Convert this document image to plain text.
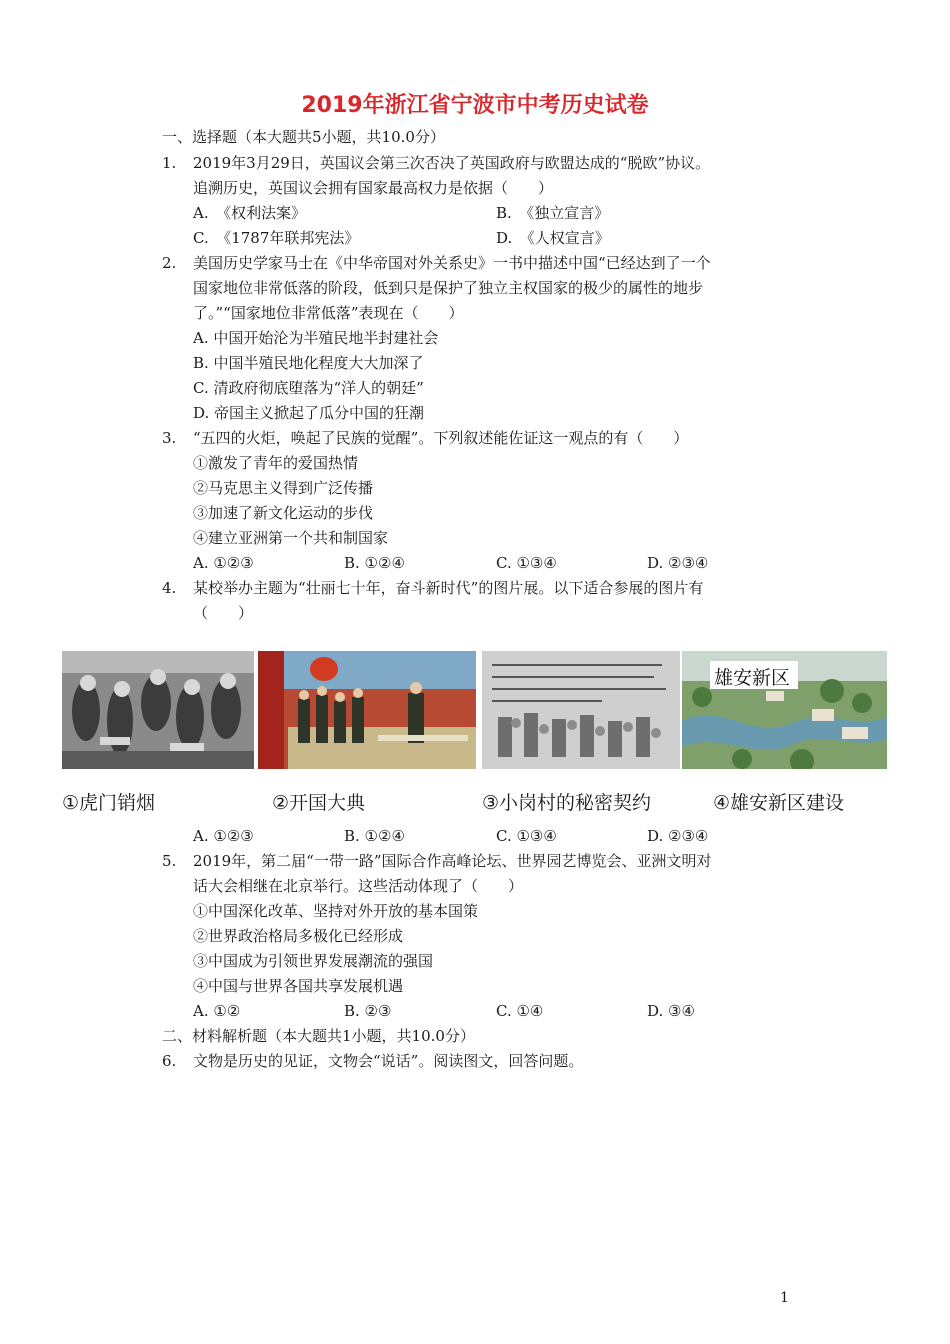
2019年浙江省宁波市中考历史试卷
一、选择题（本大题共5小题，共10.0分）
1. 2019年3月29日，英国议会第三次否决了英国政府与欧盟达成的“脱欧”协议。
追溯历史，英国议会拥有国家最高权力是依据（　　）
A.　《权利法案》	B.　《独立宣言》
C.　《1787年联邦宪法》	D.　《人权宣言》
2. 美国历史学家马士在《中华帝国对外关系史》一书中描述中国“已经达到了一个
国家地位非常低落的阶段，低到只是保护了独立主权国家的极少的属性的地步
了。”“国家地位非常低落”表现在（　　）
A. 中国开始沦为半殖民地半封建社会
B. 中国半殖民地化程度大大加深了
C. 清政府彻底堕落为“洋人的朝廷”
D. 帝国主义掀起了瓜分中国的狂潮
3. “五四的火炬，唤起了民族的觉醒”。下列叙述能佐证这一观点的有（　　）
①激发了青年的爱国热情
②马克思主义得到广泛传播
③加速了新文化运动的步伐
④建立亚洲第一个共和制国家
A. ①②③	B. ①②④	C. ①③④	D. ②③④
4. 某校举办主题为“壮丽七十年，奋斗新时代”的图片展。以下适合参展的图片有
（　　）
雄安新区
①虎门销烟	②开国大典	③小岗村的秘密契约	④雄安新区建设
A. ①②③	B. ①②④	C. ①③④	D. ②③④
5. 2019年，第二届“一带一路”国际合作高峰论坛、世界园艺博览会、亚洲文明对
话大会相继在北京举行。这些活动体现了（　　）
①中国深化改革、坚持对外开放的基本国策
②世界政治格局多极化已经形成
③中国成为引领世界发展潮流的强国
④中国与世界各国共享发展机遇
A. ①②	B. ②③	C. ①④	D. ③④
二、材料解析题（本大题共1小题，共10.0分）
6. 文物是历史的见证，文物会“说话”。阅读图文，回答问题。
1
